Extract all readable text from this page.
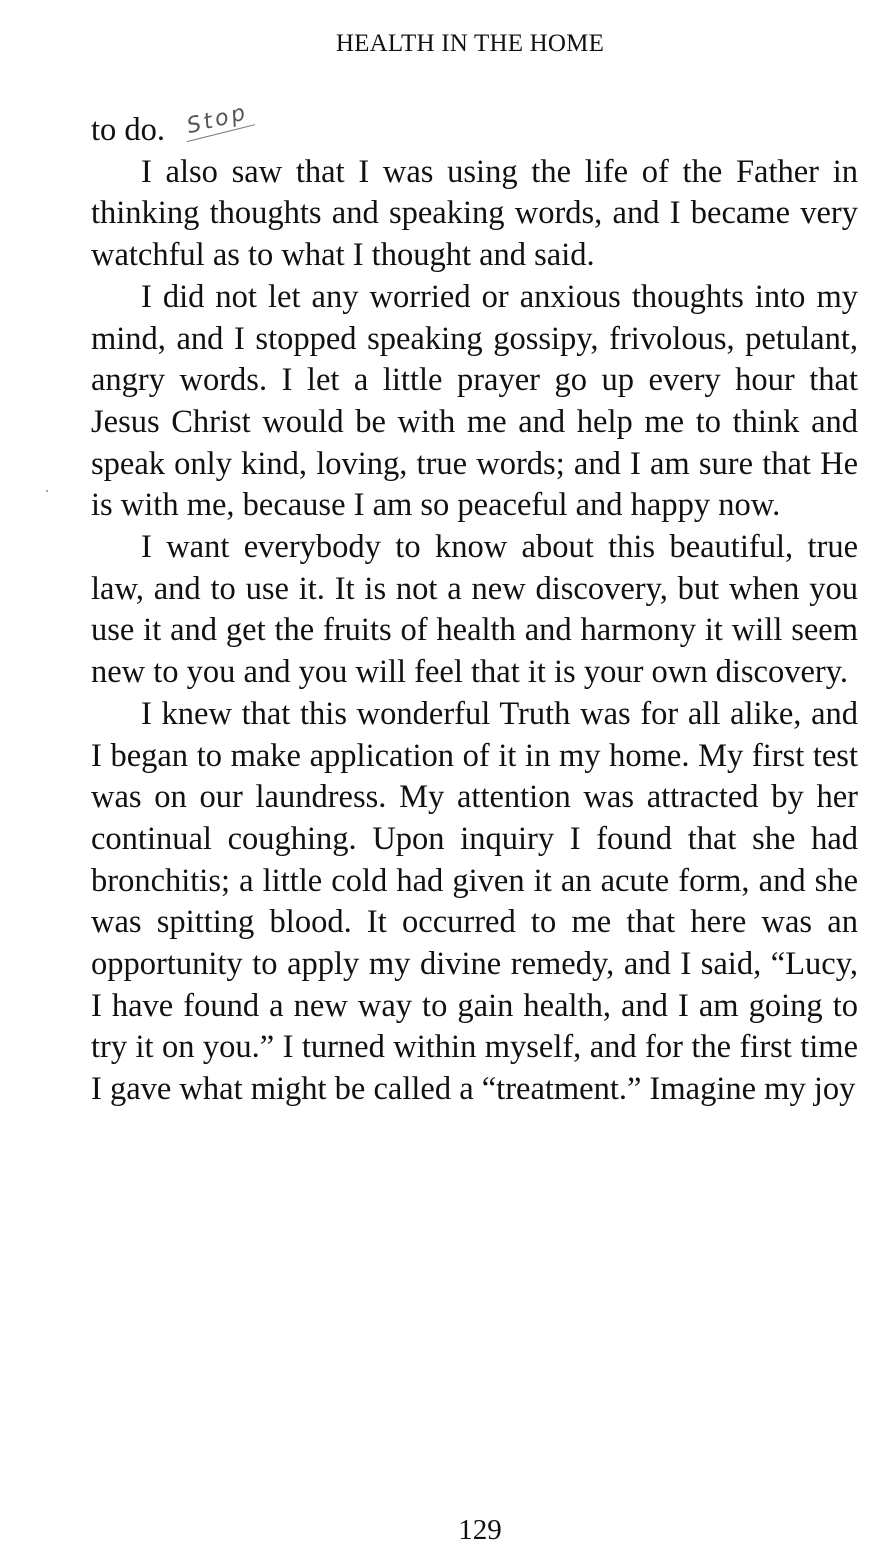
HEALTH IN THE HOME

to do. Stop

I also saw that I was using the life of the Father in thinking thoughts and speaking words, and I became very watchful as to what I thought and said.

I did not let any worried or anxious thoughts into my mind, and I stopped speaking gossipy, frivolous, petulant, angry words. I let a little prayer go up every hour that Jesus Christ would be with me and help me to think and speak only kind, loving, true words; and I am sure that He is with me, because I am so peaceful and happy now.

I want everybody to know about this beautiful, true law, and to use it. It is not a new discovery, but when you use it and get the fruits of health and harmony it will seem new to you and you will feel that it is your own discovery.

I knew that this wonderful Truth was for all alike, and I began to make application of it in my home. My first test was on our laundress. My attention was attracted by her continual coughing. Upon inquiry I found that she had bronchitis; a little cold had given it an acute form, and she was spitting blood. It occurred to me that here was an opportunity to apply my divine remedy, and I said, “Lucy, I have found a new way to gain health, and I am going to try it on you.” I turned within myself, and for the first time I gave what might be called a “treatment.” Imagine my joy

129
